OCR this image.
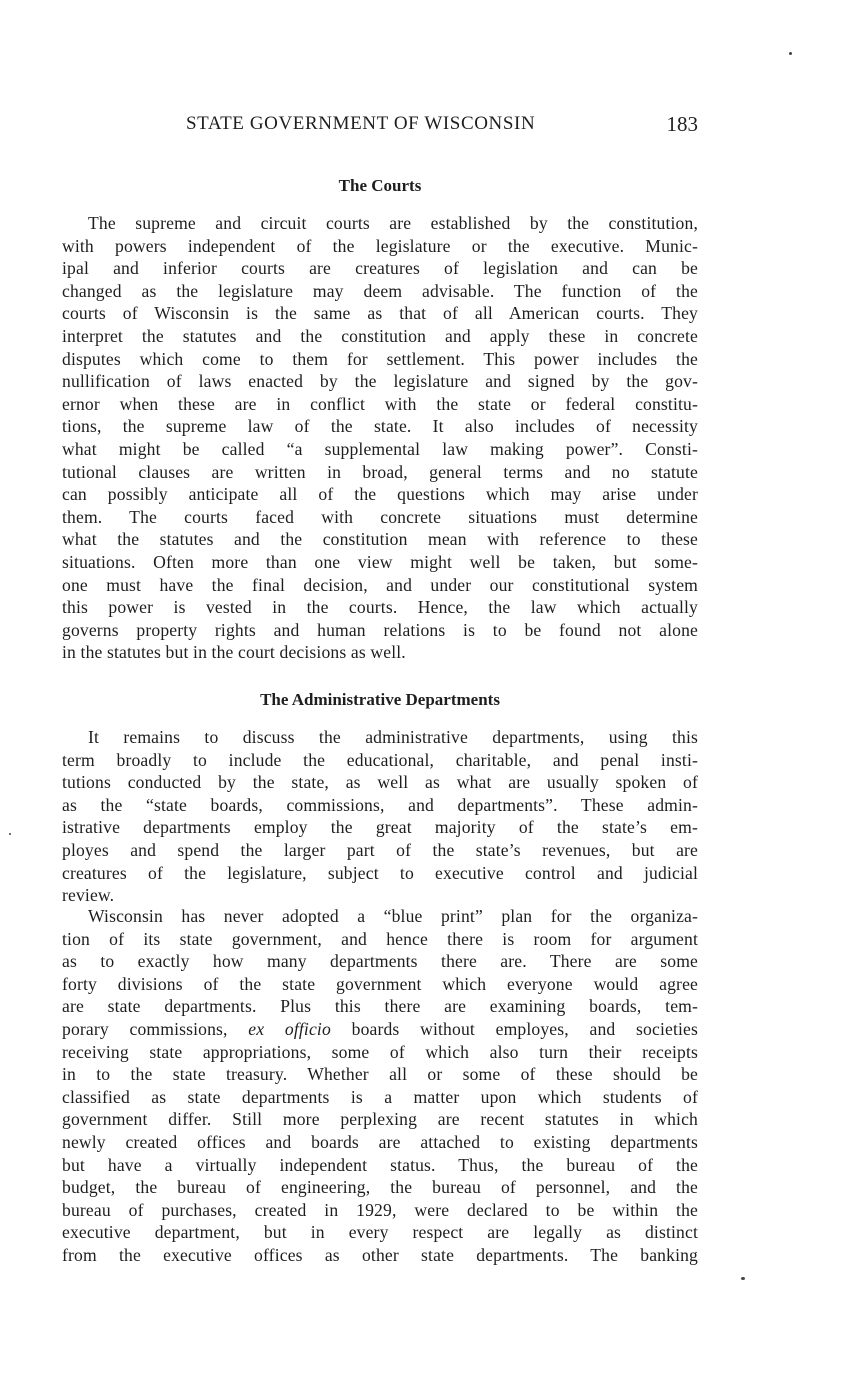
STATE GOVERNMENT OF WISCONSIN	183
The Courts
The supreme and circuit courts are established by the constitution,
with powers independent of the legislature or the executive. Munic-
ipal and inferior courts are creatures of legislation and can be
changed as the legislature may deem advisable. The function of the
courts of Wisconsin is the same as that of all American courts. They
interpret the statutes and the constitution and apply these in concrete
disputes which come to them for settlement. This power includes the
nullification of laws enacted by the legislature and signed by the gov-
ernor when these are in conflict with the state or federal constitu-
tions, the supreme law of the state. It also includes of necessity
what might be called “a supplemental law making power”. Consti-
tutional clauses are written in broad, general terms and no statute
can possibly anticipate all of the questions which may arise under
them. The courts faced with concrete situations must determine
what the statutes and the constitution mean with reference to these
situations. Often more than one view might well be taken, but some-
one must have the final decision, and under our constitutional system
this power is vested in the courts. Hence, the law which actually
governs property rights and human relations is to be found not alone
in the statutes but in the court decisions as well.
The Administrative Departments
It remains to discuss the administrative departments, using this
term broadly to include the educational, charitable, and penal insti-
tutions conducted by the state, as well as what are usually spoken of
as the “state boards, commissions, and departments”. These admin-
istrative departments employ the great majority of the state’s em-
ployes and spend the larger part of the state’s revenues, but are
creatures of the legislature, subject to executive control and judicial
review.
Wisconsin has never adopted a “blue print” plan for the organiza-
tion of its state government, and hence there is room for argument
as to exactly how many departments there are. There are some
forty divisions of the state government which everyone would agree
are state departments. Plus this there are examining boards, tem-
porary commissions, ex officio boards without employes, and societies
receiving state appropriations, some of which also turn their receipts
in to the state treasury. Whether all or some of these should be
classified as state departments is a matter upon which students of
government differ. Still more perplexing are recent statutes in which
newly created offices and boards are attached to existing departments
but have a virtually independent status. Thus, the bureau of the
budget, the bureau of engineering, the bureau of personnel, and the
bureau of purchases, created in 1929, were declared to be within the
executive department, but in every respect are legally as distinct
from the executive offices as other state departments. The banking
